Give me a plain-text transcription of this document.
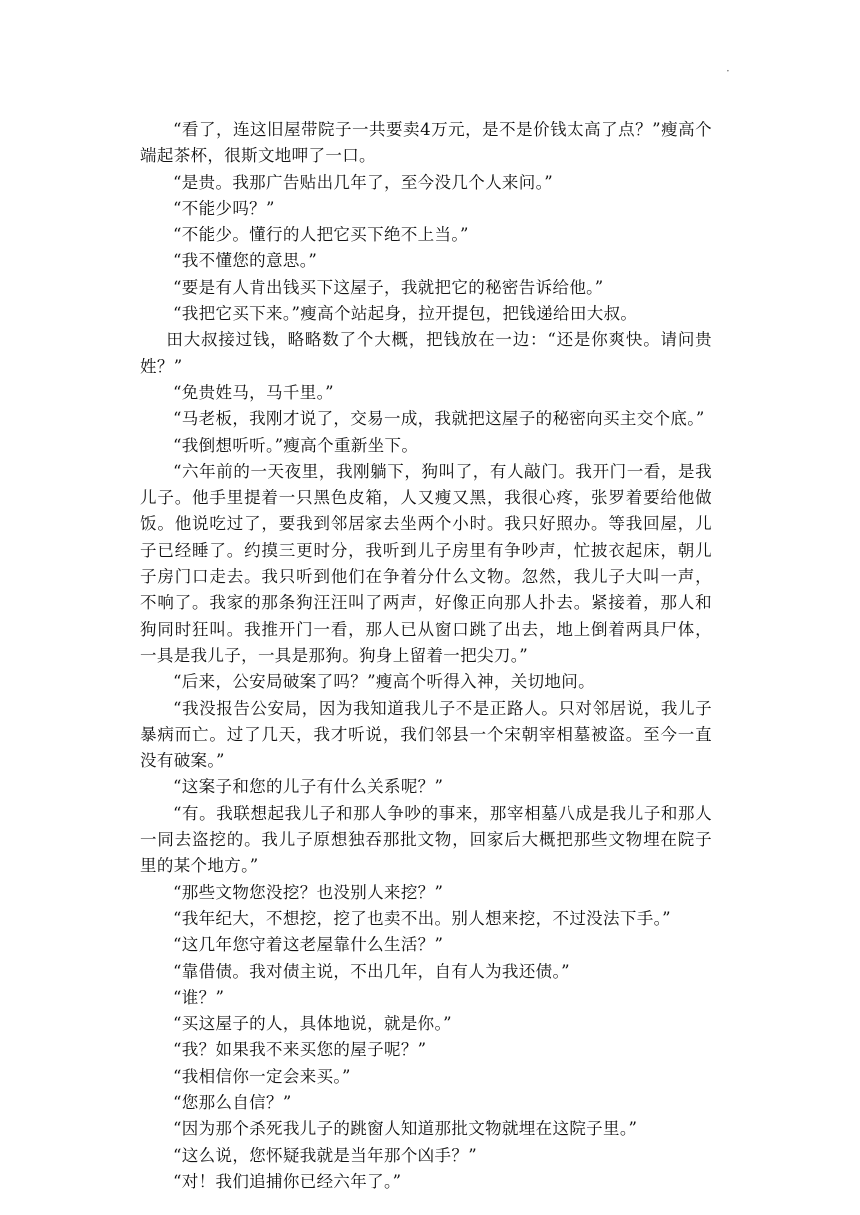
·

“看了，连这旧屋带院子一共要卖4万元，是不是价钱太高了点？”瘦高个端起茶杯，很斯文地呷了一口。

“是贵。我那广告贴出几年了，至今没几个人来问。”

“不能少吗？”

“不能少。懂行的人把它买下绝不上当。”

“我不懂您的意思。”

“要是有人肯出钱买下这屋子，我就把它的秘密告诉给他。”

“我把它买下来。”瘦高个站起身，拉开提包，把钱递给田大叔。

田大叔接过钱，略略数了个大概，把钱放在一边：“还是你爽快。请问贵姓？”

“免贵姓马，马千里。”

“马老板，我刚才说了，交易一成，我就把这屋子的秘密向买主交个底。”

“我倒想听听。”瘦高个重新坐下。

“六年前的一天夜里，我刚躺下，狗叫了，有人敲门。我开门一看，是我儿子。他手里提着一只黑色皮箱，人又瘦又黑，我很心疼，张罗着要给他做饭。他说吃过了，要我到邻居家去坐两个小时。我只好照办。等我回屋，儿子已经睡了。约摸三更时分，我听到儿子房里有争吵声，忙披衣起床，朝儿子房门口走去。我只听到他们在争着分什么文物。忽然，我儿子大叫一声，不响了。我家的那条狗汪汪叫了两声，好像正向那人扑去。紧接着，那人和狗同时狂叫。我推开门一看，那人已从窗口跳了出去，地上倒着两具尸体，一具是我儿子，一具是那狗。狗身上留着一把尖刀。”

“后来，公安局破案了吗？”瘦高个听得入神，关切地问。

“我没报告公安局，因为我知道我儿子不是正路人。只对邻居说，我儿子暴病而亡。过了几天，我才听说，我们邻县一个宋朝宰相墓被盗。至今一直没有破案。”

“这案子和您的儿子有什么关系呢？”

“有。我联想起我儿子和那人争吵的事来，那宰相墓八成是我儿子和那人一同去盗挖的。我儿子原想独吞那批文物，回家后大概把那些文物埋在院子里的某个地方。”

“那些文物您没挖？也没别人来挖？”

“我年纪大，不想挖，挖了也卖不出。别人想来挖，不过没法下手。”

“这几年您守着这老屋靠什么生活？”

“靠借债。我对债主说，不出几年，自有人为我还债。”

“谁？”

“买这屋子的人，具体地说，就是你。”

“我？如果我不来买您的屋子呢？”

“我相信你一定会来买。”

“您那么自信？”

“因为那个杀死我儿子的跳窗人知道那批文物就埋在这院子里。”

“这么说，您怀疑我就是当年那个凶手？”

“对！我们追捕你已经六年了。”
